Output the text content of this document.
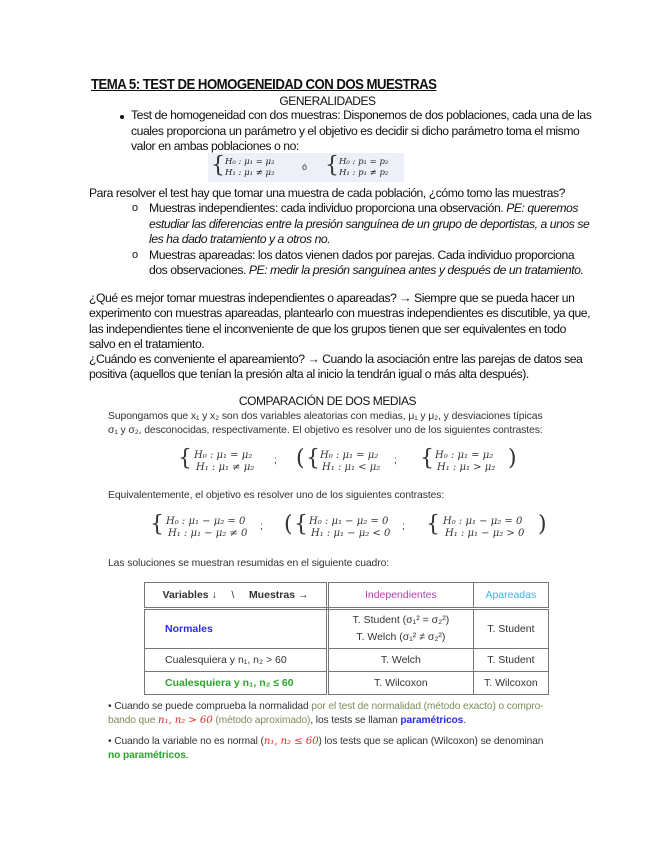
TEMA 5: TEST DE HOMOGENEIDAD CON DOS MUESTRAS
GENERALIDADES
Test de homogeneidad con dos muestras: Disponemos de dos poblaciones, cada una de las
cuales proporciona un parámetro y el objetivo es decidir si dicho parámetro toma el mismo
valor en ambas poblaciones o no:
{ H₀ : μ₁ = μ₂
H₁ : μ₁ ≠ μ₂
ó { H₀ : p₁ = p₂
H₁ : p₁ ≠ p₂
Para resolver el test hay que tomar una muestra de cada población, ¿cómo tomo las muestras?
o Muestras independientes: cada individuo proporciona una observación. PE: queremos
estudiar las diferencias entre la presión sanguínea de un grupo de deportistas, a unos se
les ha dado tratamiento y a otros no.
o Muestras apareadas: los datos vienen dados por parejas. Cada individuo proporciona
dos observaciones. PE: medir la presión sanguínea antes y después de un tratamiento.
¿Qué es mejor tomar muestras independientes o apareadas? → Siempre que se pueda hacer un
experimento con muestras apareadas, plantearlo con muestras independientes es discutible, ya que,
las independientes tiene el inconveniente de que los grupos tienen que ser equivalentes en todo
salvo en el tratamiento.
¿Cuándo es conveniente el apareamiento? → Cuando la asociación entre las parejas de datos sea
positiva (aquellos que tenían la presión alta al inicio la tendrán igual o más alta después).
COMPARACIÓN DE DOS MEDIAS
Supongamos que x₁ y x₂ son dos variables aleatorias con medias, μ₁ y μ₂, y desviaciones típicas
σ₁ y σ₂, desconocidas, respectivamente. El objetivo es resolver uno de los siguientes contrastes:
{ H₀ : μ₁ = μ₂
H₁ : μ₁ ≠ μ₂
; ( { H₀ : μ₁ = μ₂
H₁ : μ₁ < μ₂
; { H₀ : μ₁ = μ₂
H₁ : μ₁ > μ₂ )
Equivalentemente, el objetivo es resolver uno de los siguientes contrastes:
{ H₀ : μ₁ − μ₂ = 0
H₁ : μ₁ − μ₂ ≠ 0
; ( { H₀ : μ₁ − μ₂ = 0
H₁ : μ₁ − μ₂ < 0
; { H₀ : μ₁ − μ₂ = 0
H₁ : μ₁ − μ₂ > 0 )
Las soluciones se muestran resumidas en el siguiente cuadro:
Variables ↓ \ Muestras →	Independientes	Apareadas
Normales	T. Student (σ₁² = σ₂²)
T. Welch (σ₁² ≠ σ₂²)	T. Student
Cualesquiera y n₁, n₂ > 60	T. Welch	T. Student
Cualesquiera y n₁, n₂ ≤ 60	T. Wilcoxon	T. Wilcoxon
• Cuando se puede comprueba la normalidad por el test de normalidad (método exacto) o compro-
bando que n₁, n₂ > 60 (método aproximado), los tests se llaman paramétricos.
• Cuando la variable no es normal (n₁, n₂ ≤ 60) los tests que se aplican (Wilcoxon) se denominan
no paramétricos.
